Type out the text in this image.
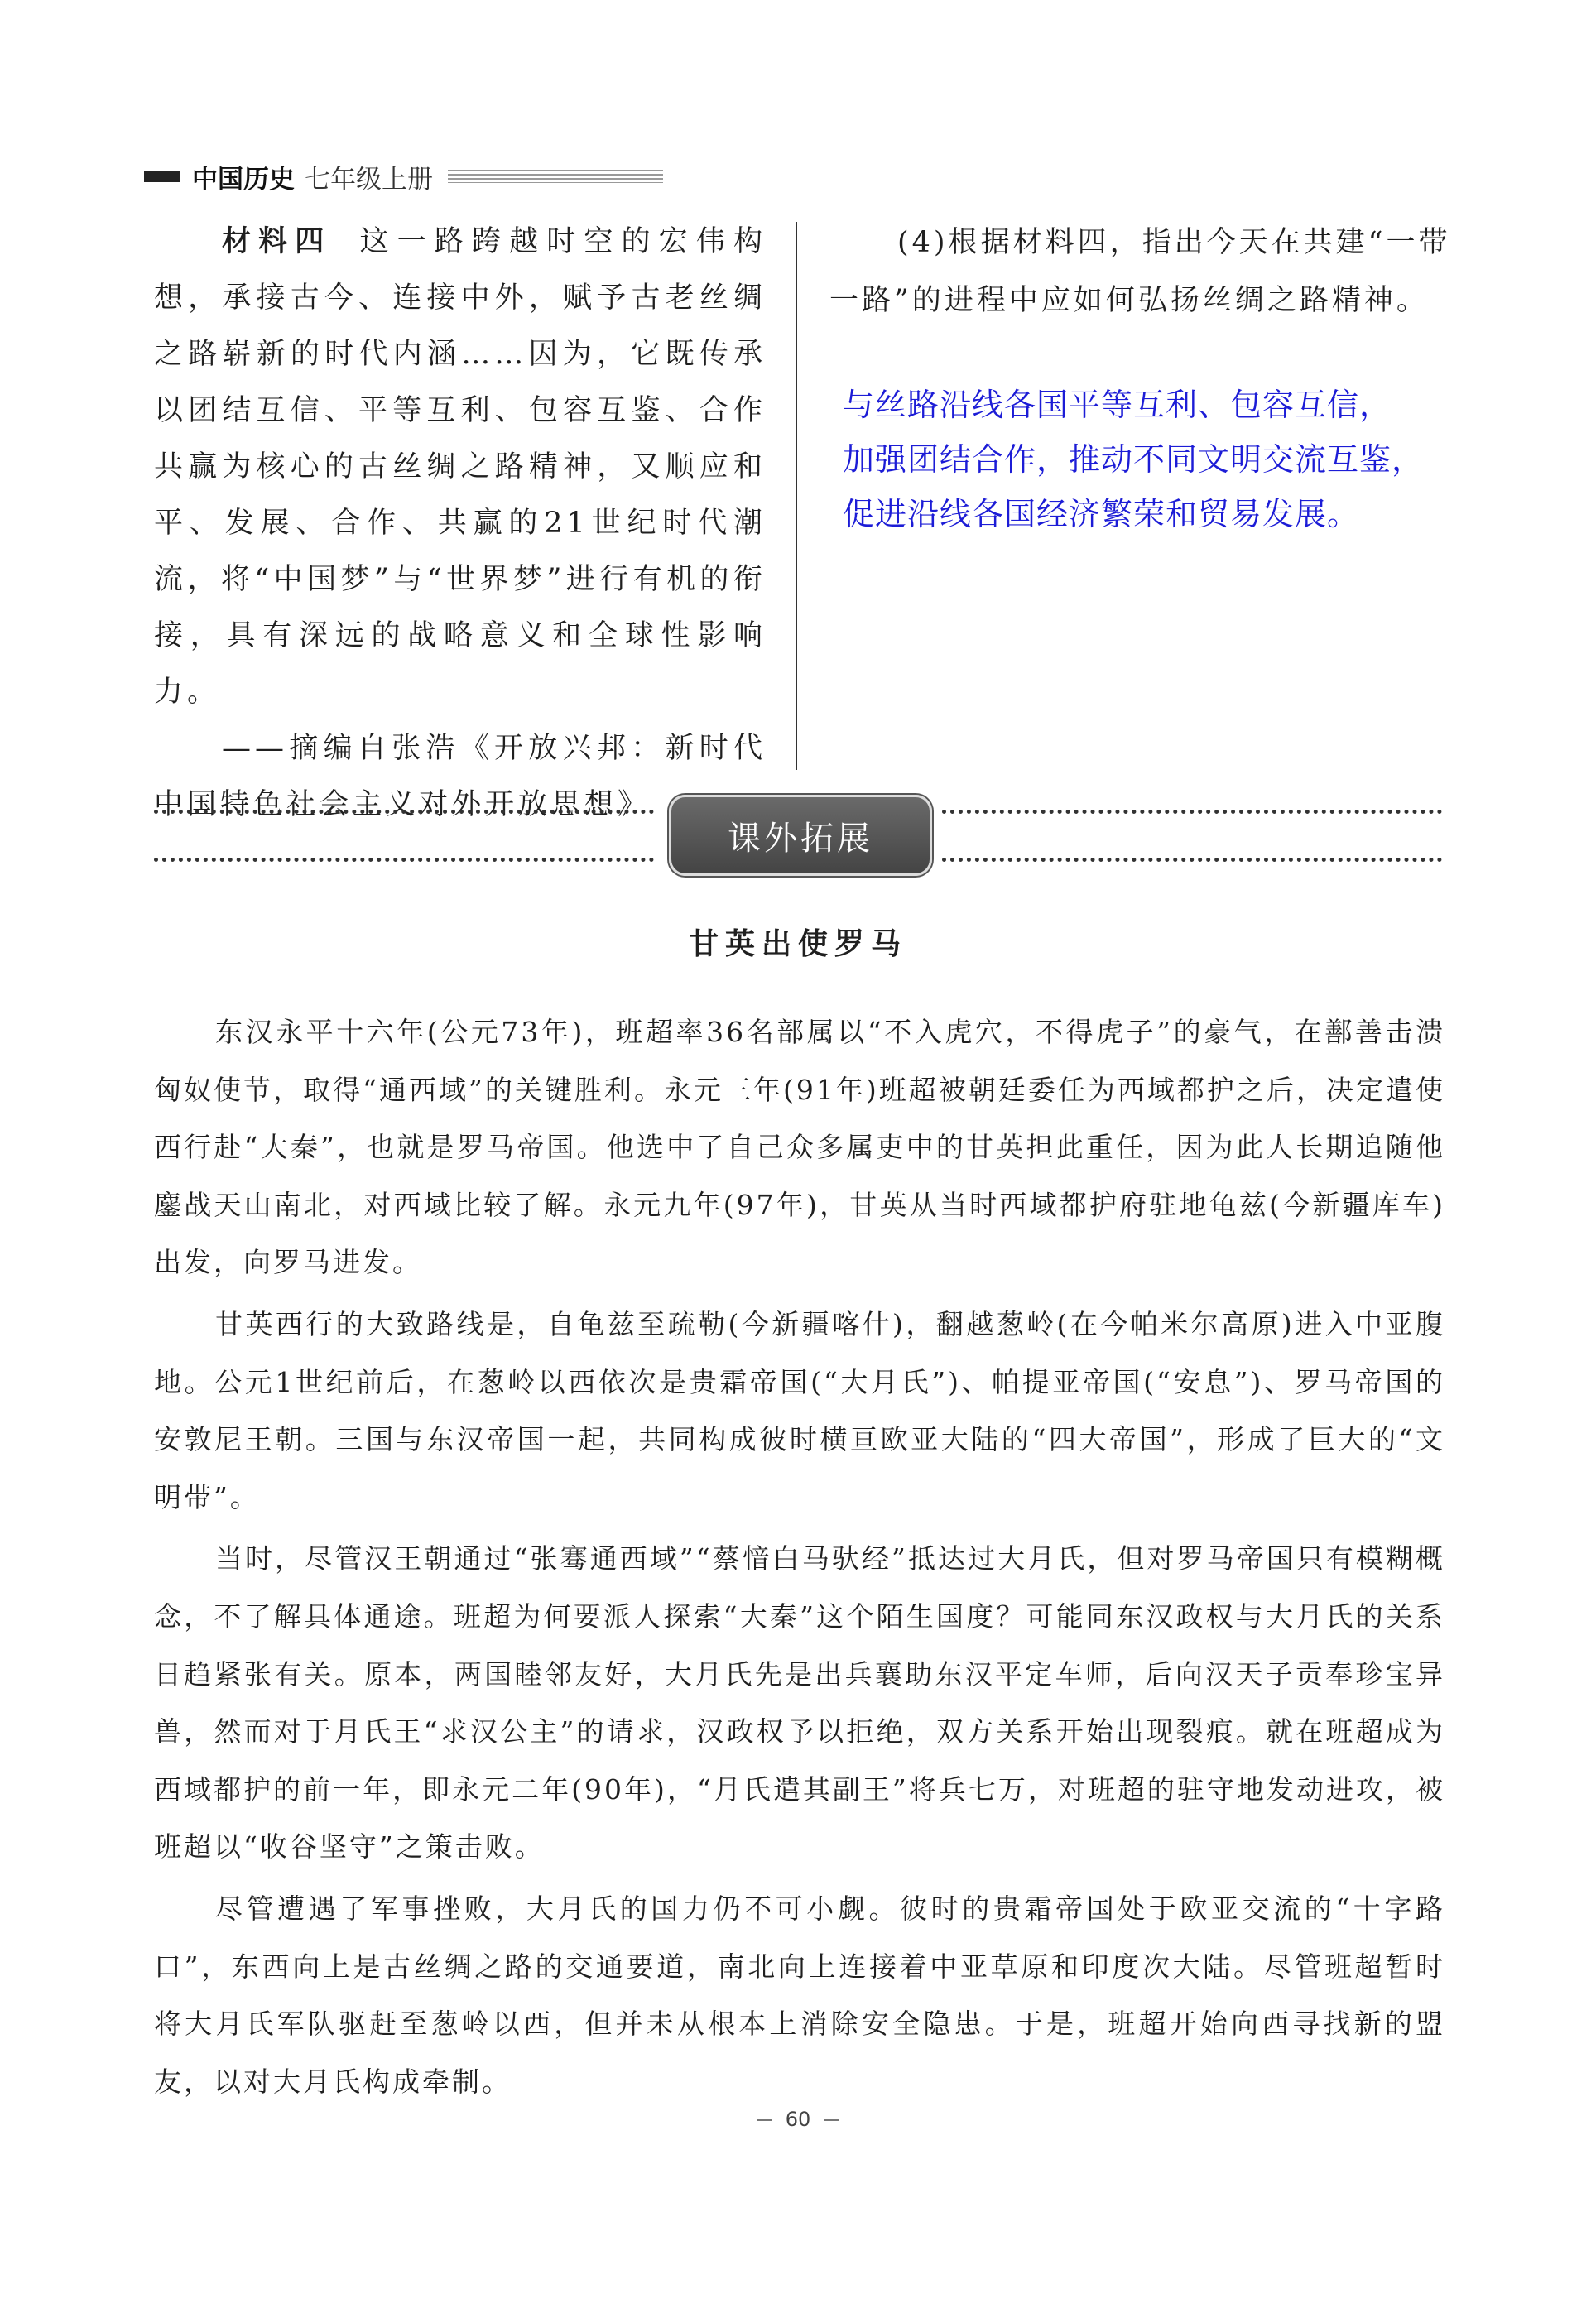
中国历史 七年级上册

材料四 这一路跨越时空的宏伟构想，承接古今、连接中外，赋予古老丝绸之路崭新的时代内涵……因为，它既传承以团结互信、平等互利、包容互鉴、合作共赢为核心的古丝绸之路精神，又顺应和平、发展、合作、共赢的21世纪时代潮流，将“中国梦”与“世界梦”进行有机的衔接，具有深远的战略意义和全球性影响力。

——摘编自张浩《开放兴邦：新时代中国特色社会主义对外开放思想》

(4)根据材料四，指出今天在共建“一带一路”的进程中应如何弘扬丝绸之路精神。

与丝路沿线各国平等互利、包容互信，

加强团结合作，推动不同文明交流互鉴，

促进沿线各国经济繁荣和贸易发展。

课外拓展
甘英出使罗马

东汉永平十六年(公元73年)，班超率36名部属以“不入虎穴，不得虎子”的豪气，在鄯善击溃匈奴使节，取得“通西域”的关键胜利。永元三年(91年)班超被朝廷委任为西域都护之后，决定遣使西行赴“大秦”，也就是罗马帝国。他选中了自己众多属吏中的甘英担此重任，因为此人长期追随他鏖战天山南北，对西域比较了解。永元九年(97年)，甘英从当时西域都护府驻地龟兹(今新疆库车)出发，向罗马进发。

甘英西行的大致路线是，自龟兹至疏勒(今新疆喀什)，翻越葱岭(在今帕米尔高原)进入中亚腹地。公元1世纪前后，在葱岭以西依次是贵霜帝国(“大月氏”)、帕提亚帝国(“安息”)、罗马帝国的安敦尼王朝。三国与东汉帝国一起，共同构成彼时横亘欧亚大陆的“四大帝国”，形成了巨大的“文明带”。

当时，尽管汉王朝通过“张骞通西域”“蔡愔白马驮经”抵达过大月氏，但对罗马帝国只有模糊概念，不了解具体通途。班超为何要派人探索“大秦”这个陌生国度？可能同东汉政权与大月氏的关系日趋紧张有关。原本，两国睦邻友好，大月氏先是出兵襄助东汉平定车师，后向汉天子贡奉珍宝异兽，然而对于月氏王“求汉公主”的请求，汉政权予以拒绝，双方关系开始出现裂痕。就在班超成为西域都护的前一年，即永元二年(90年)，“月氏遣其副王”将兵七万，对班超的驻守地发动进攻，被班超以“收谷坚守”之策击败。

尽管遭遇了军事挫败，大月氏的国力仍不可小觑。彼时的贵霜帝国处于欧亚交流的“十字路口”，东西向上是古丝绸之路的交通要道，南北向上连接着中亚草原和印度次大陆。尽管班超暂时将大月氏军队驱赶至葱岭以西，但并未从根本上消除安全隐患。于是，班超开始向西寻找新的盟友，以对大月氏构成牵制。

60
